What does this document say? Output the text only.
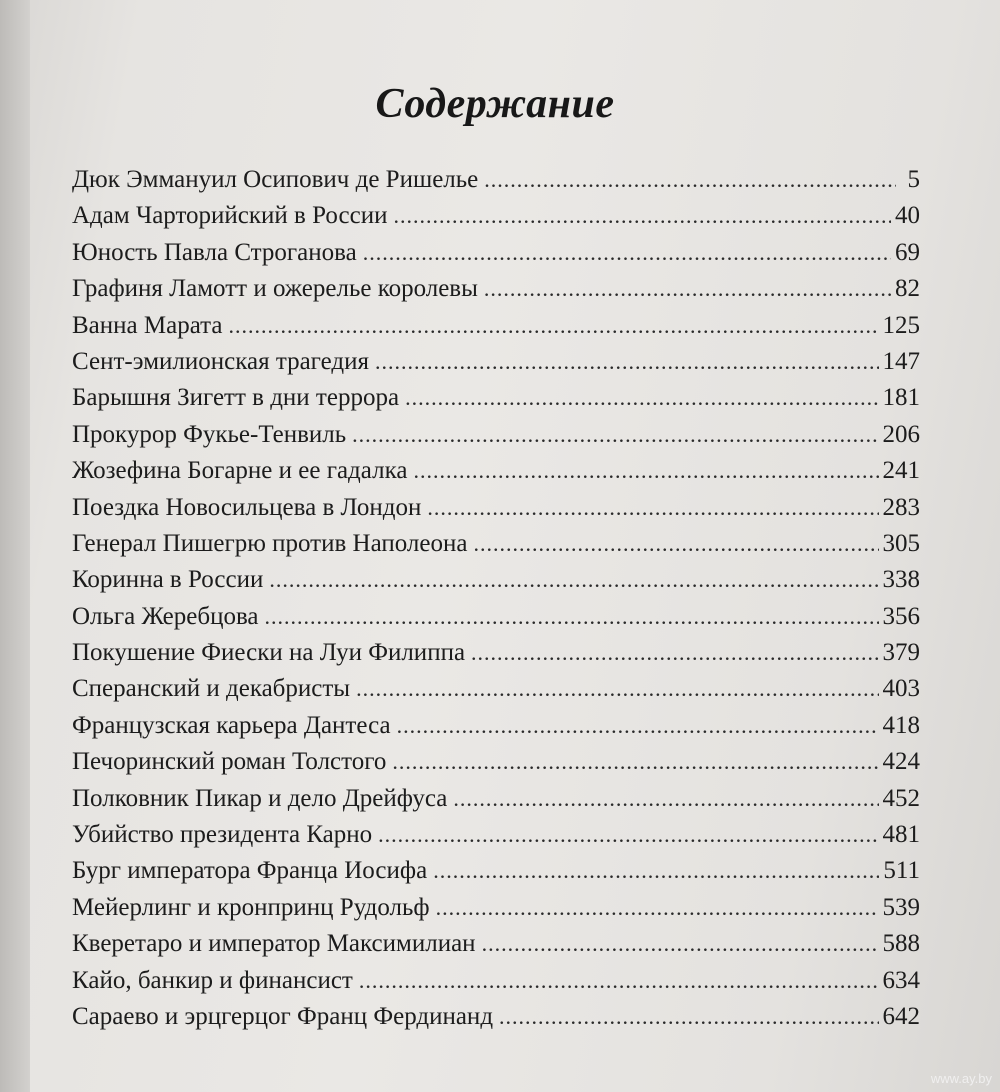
Содержание
Дюк Эммануил Осипович де Ришелье .....	5
Адам Чарторийский в России .....	40
Юность Павла Строганова .....	69
Графиня Ламотт и ожерелье королевы .....	82
Ванна Марата .....	125
Сент-эмилионская трагедия .....	147
Барышня Зигетт в дни террора .....	181
Прокурор Фукье-Тенвиль .....	206
Жозефина Богарне и ее гадалка .....	241
Поездка Новосильцева в Лондон .....	283
Генерал Пишегрю против Наполеона .....	305
Коринна в России .....	338
Ольга Жеребцова .....	356
Покушение Фиески на Луи Филиппа .....	379
Сперанский и декабристы .....	403
Французская карьера Дантеса .....	418
Печоринский роман Толстого .....	424
Полковник Пикар и дело Дрейфуса .....	452
Убийство президента Карно .....	481
Бург императора Франца Иосифа .....	511
Мейерлинг и кронпринц Рудольф .....	539
Кверетаро и император Максимилиан .....	588
Кайо, банкир и финансист .....	634
Сараево и эрцгерцог Франц Фердинанд .....	642
www.ay.by
